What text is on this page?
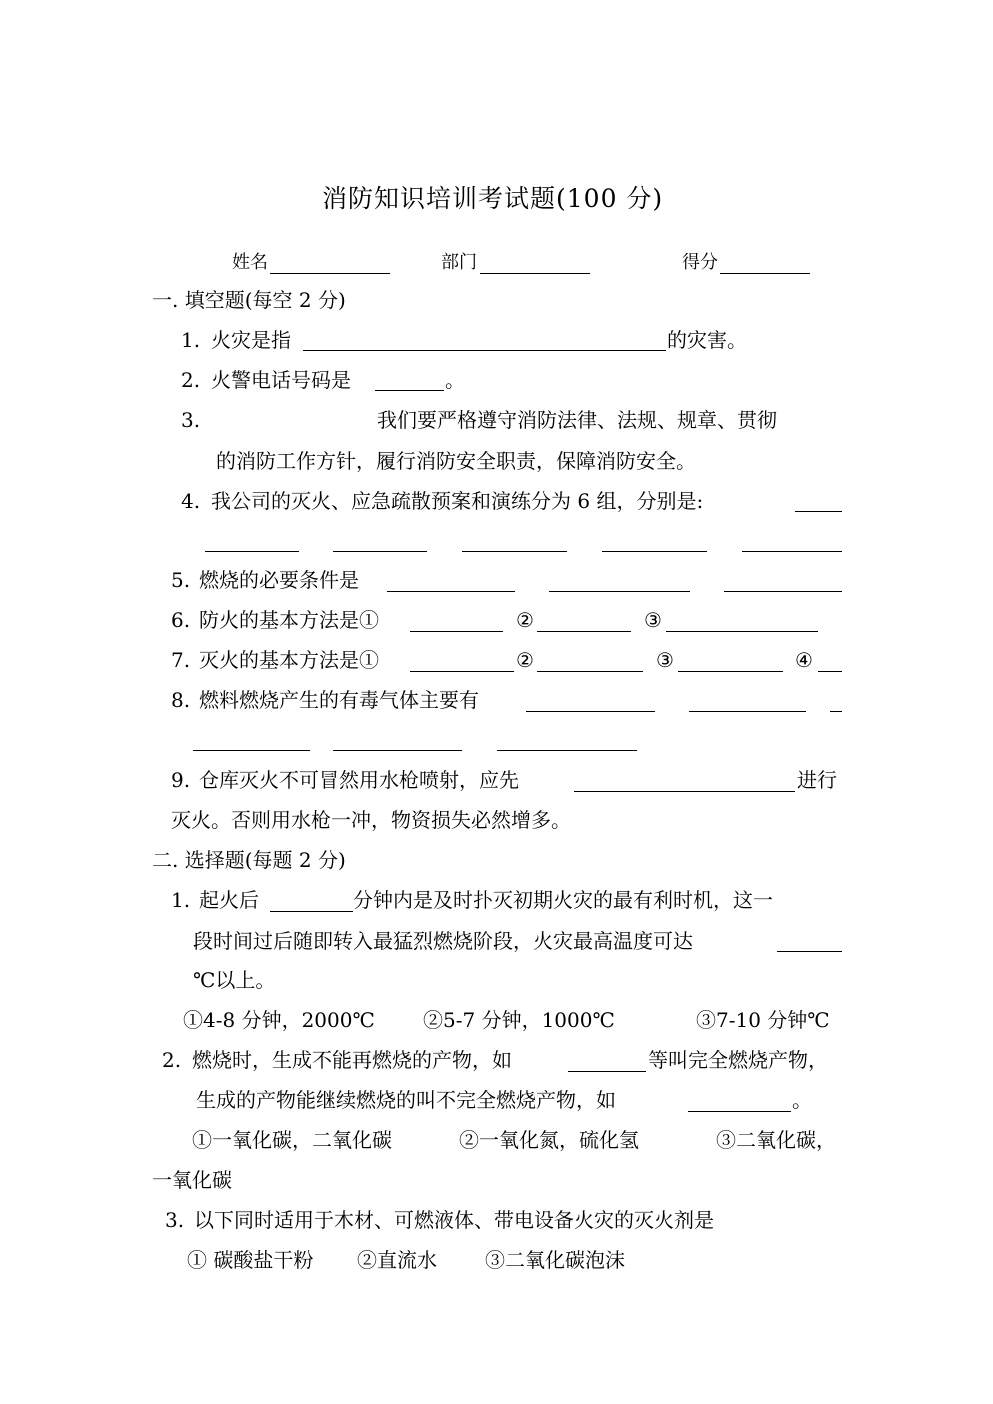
消防知识培训考试题(100 分)
姓名	部门	得分
一. 填空题(每空 2 分)
1. 火灾是指	的灾害。
2. 火警电话号码是	。
3.	我们要严格遵守消防法律、法规、规章、贯彻
的消防工作方针，履行消防安全职责，保障消防安全。
4. 我公司的灭火、应急疏散预案和演练分为 6 组，分别是:
5. 燃烧的必要条件是
6. 防火的基本方法是①	②	③
7. 灭火的基本方法是①	②	③	④
8. 燃料燃烧产生的有毒气体主要有
9. 仓库灭火不可冒然用水枪喷射，应先	进行
灭火。否则用水枪一冲，物资损失必然增多。
二. 选择题(每题 2 分)
1. 起火后	分钟内是及时扑灭初期火灾的最有利时机，这一
段时间过后随即转入最猛烈燃烧阶段，火灾最高温度可达
℃以上。
①4-8 分钟，2000℃ ②5-7 分钟，1000℃	③7-10 分钟℃
2. 燃烧时，生成不能再燃烧的产物，如	等叫完全燃烧产物，
生成的产物能继续燃烧的叫不完全燃烧产物，如	。
①一氧化碳，二氧化碳	②一氧化氮，硫化氢	③二氧化碳，
一氧化碳
3. 以下同时适用于木材、可燃液体、带电设备火灾的灭火剂是
① 碳酸盐干粉 ②直流水 ③二氧化碳泡沫
